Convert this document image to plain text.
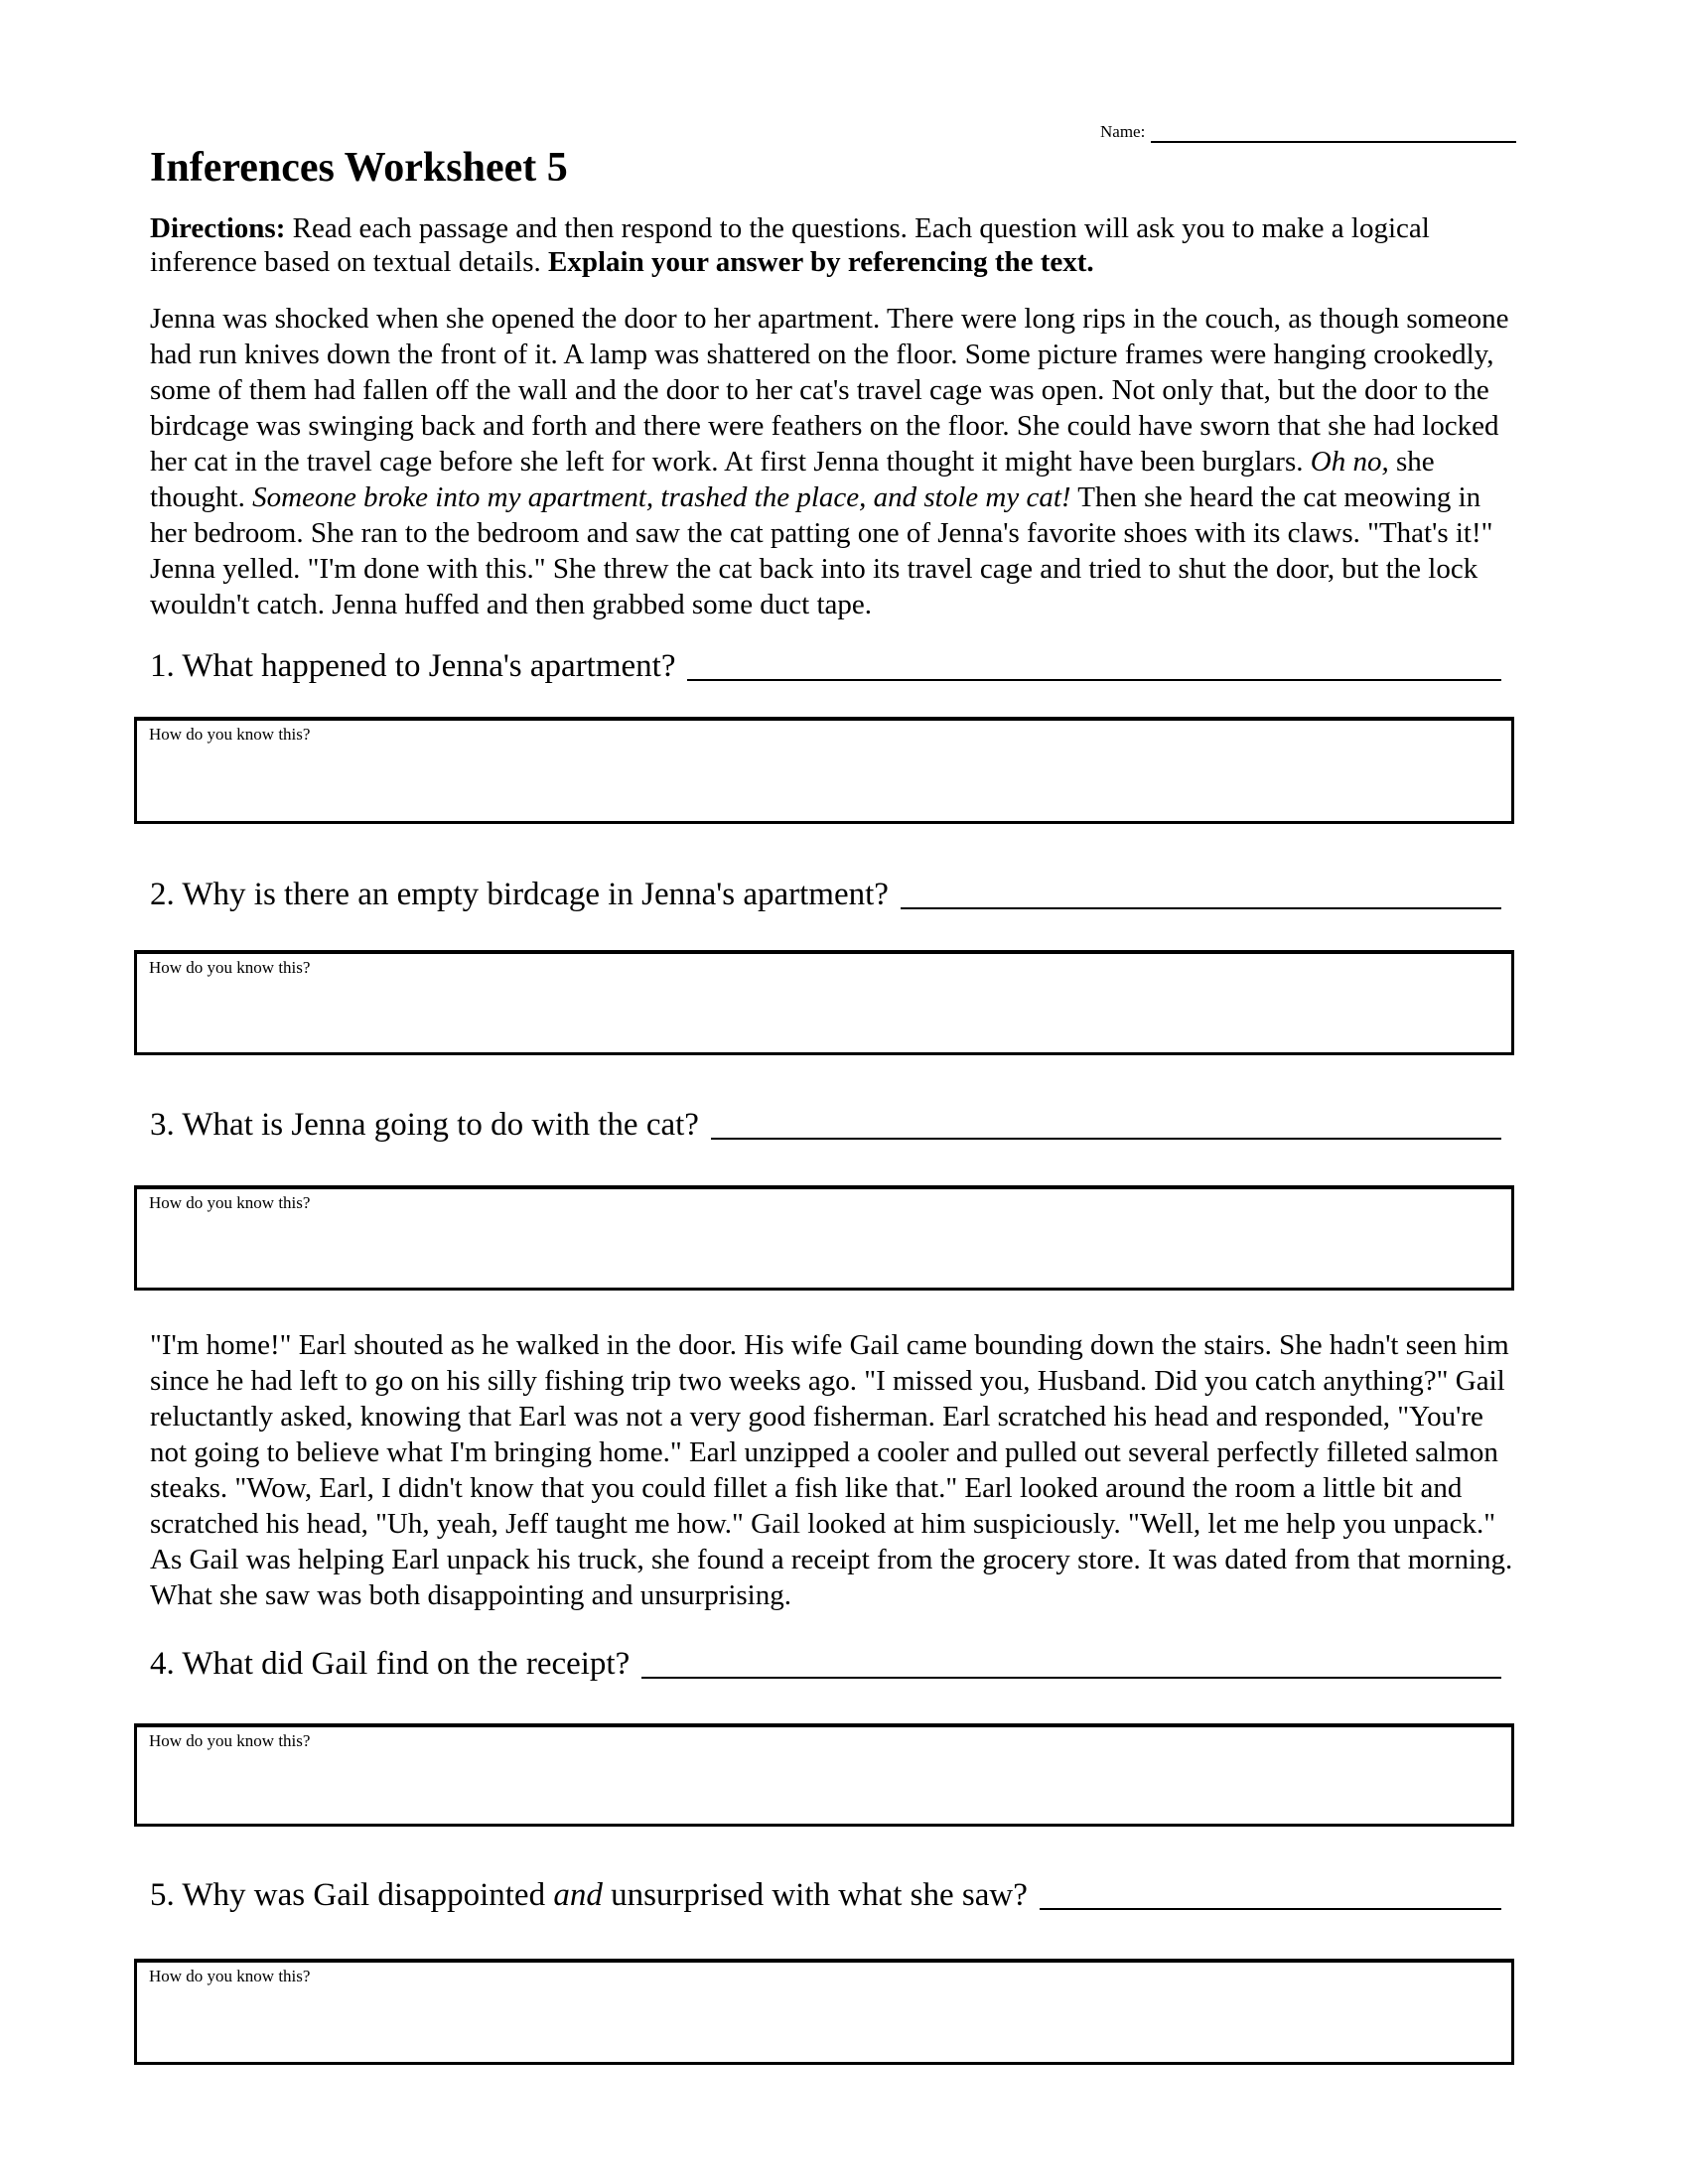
Name:
Inferences Worksheet 5

Directions: Read each passage and then respond to the questions. Each question will ask you to make a logical inference based on textual details. Explain your answer by referencing the text.

Jenna was shocked when she opened the door to her apartment. There were long rips in the couch, as though someone had run knives down the front of it. A lamp was shattered on the floor. Some picture frames were hanging crookedly, some of them had fallen off the wall and the door to her cat's travel cage was open. Not only that, but the door to the birdcage was swinging back and forth and there were feathers on the floor. She could have sworn that she had locked her cat in the travel cage before she left for work. At first Jenna thought it might have been burglars. Oh no, she thought. Someone broke into my apartment, trashed the place, and stole my cat! Then she heard the cat meowing in her bedroom. She ran to the bedroom and saw the cat patting one of Jenna's favorite shoes with its claws. "That's it!" Jenna yelled. "I'm done with this." She threw the cat back into its travel cage and tried to shut the door, but the lock wouldn't catch. Jenna huffed and then grabbed some duct tape.

1. What happened to Jenna's apartment?
How do you know this?
2. Why is there an empty birdcage in Jenna's apartment?
How do you know this?
3. What is Jenna going to do with the cat?
How do you know this?

"I'm home!" Earl shouted as he walked in the door. His wife Gail came bounding down the stairs. She hadn't seen him since he had left to go on his silly fishing trip two weeks ago. "I missed you, Husband. Did you catch anything?" Gail reluctantly asked, knowing that Earl was not a very good fisherman. Earl scratched his head and responded, "You're not going to believe what I'm bringing home." Earl unzipped a cooler and pulled out several perfectly filleted salmon steaks. "Wow, Earl, I didn't know that you could fillet a fish like that." Earl looked around the room a little bit and scratched his head, "Uh, yeah, Jeff taught me how." Gail looked at him suspiciously. "Well, let me help you unpack." As Gail was helping Earl unpack his truck, she found a receipt from the grocery store. It was dated from that morning. What she saw was both disappointing and unsurprising.

4. What did Gail find on the receipt?
How do you know this?
5. Why was Gail disappointed and unsurprised with what she saw?
How do you know this?
